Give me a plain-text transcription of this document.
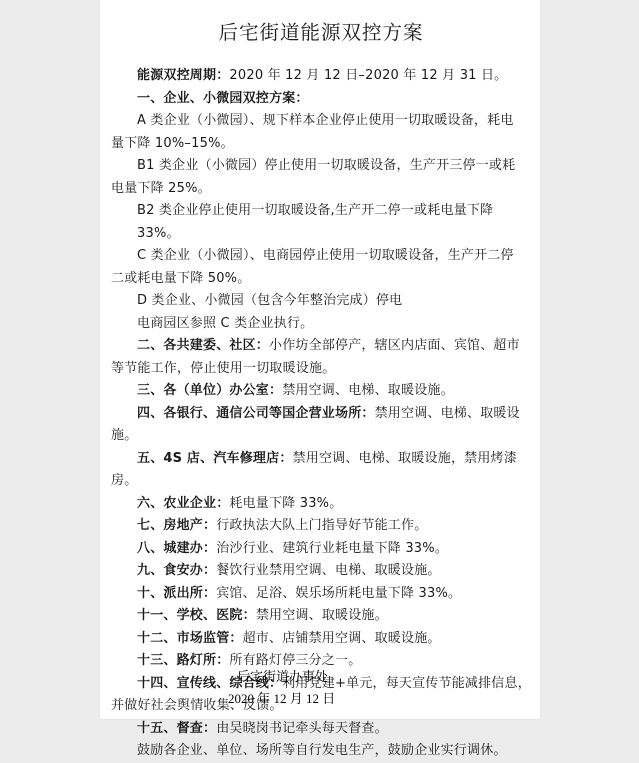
后宅街道能源双控方案
能源双控周期：2020 年 12 月 12 日–2020 年 12 月 31 日。
一、企业、小微园双控方案：
A 类企业（小微园）、规下样本企业停止使用一切取暖设备，耗电
量下降 10%–15%。
B1 类企业（小微园）停止使用一切取暖设备，生产开三停一或耗
电量下降 25%。
B2 类企业停止使用一切取暖设备,生产开二停一或耗电量下降 33%。
C 类企业（小微园）、电商园停止使用一切取暖设备，生产开二停
二或耗电量下降 50%。
D 类企业、小微园（包含今年整治完成）停电
电商园区参照 C 类企业执行。
二、各共建委、社区：小作坊全部停产，辖区内店面、宾馆、超市
等节能工作，停止使用一切取暖设施。
三、各（单位）办公室：禁用空调、电梯、取暖设施。
四、各银行、通信公司等国企营业场所：禁用空调、电梯、取暖设
施。
五、4S 店、汽车修理店：禁用空调、电梯、取暖设施，禁用烤漆
房。
六、农业企业：耗电量下降 33%。
七、房地产：行政执法大队上门指导好节能工作。
八、城建办：治沙行业、建筑行业耗电量下降 33%。
九、食安办：餐饮行业禁用空调、电梯、取暖设施。
十、派出所：宾馆、足浴、娱乐场所耗电量下降 33%。
十一、学校、医院：禁用空调、取暖设施。
十二、市场监管：超市、店铺禁用空调、取暖设施。
十三、路灯所：所有路灯停三分之一。
十四、宣传线、综合线：利用党建+单元，每天宣传节能减排信息，
并做好社会舆情收集、反馈。
十五、督查：由吴晓岗书记牵头每天督查。
鼓励各企业、单位、场所等自行发电生产，鼓励企业实行调休。
后宅街道办事处
2020 年 12 月 12 日
